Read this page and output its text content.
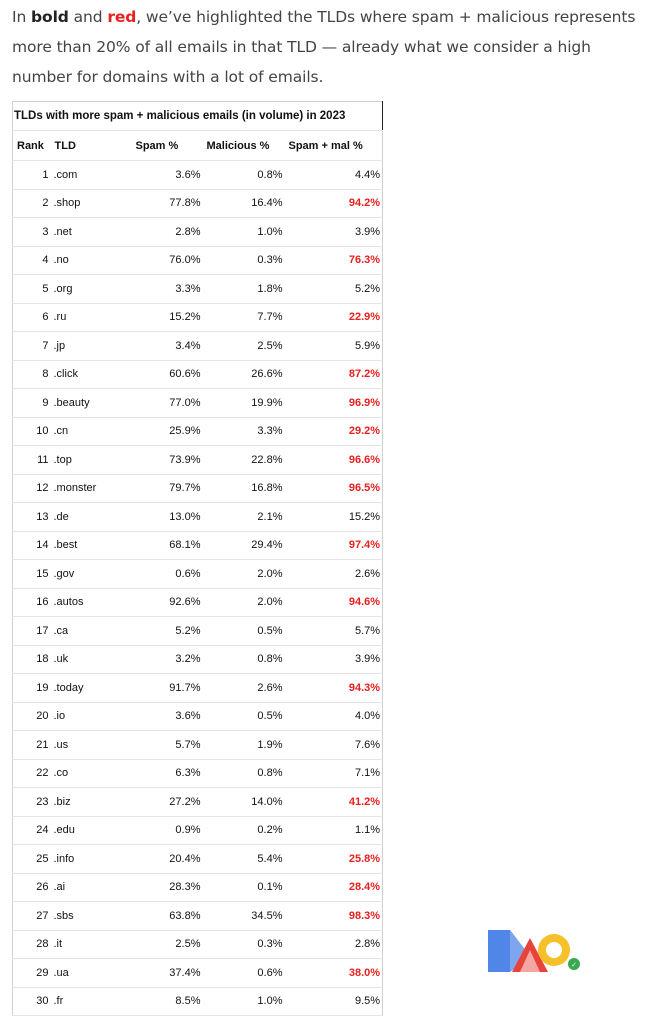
In bold and red, we’ve highlighted the TLDs where spam + malicious represents more than 20% of all emails in that TLD — already what we consider a high number for domains with a lot of emails.

TLDs with more spam + malicious emails (in volume) in 2023				
Rank	TLD	Spam %	Malicious %	Spam + mal %
1	.com	3.6%	0.8%	4.4%
2	.shop	77.8%	16.4%	94.2%
3	.net	2.8%	1.0%	3.9%
4	.no	76.0%	0.3%	76.3%
5	.org	3.3%	1.8%	5.2%
6	.ru	15.2%	7.7%	22.9%
7	.jp	3.4%	2.5%	5.9%
8	.click	60.6%	26.6%	87.2%
9	.beauty	77.0%	19.9%	96.9%
10	.cn	25.9%	3.3%	29.2%
11	.top	73.9%	22.8%	96.6%
12	.monster	79.7%	16.8%	96.5%
13	.de	13.0%	2.1%	15.2%
14	.best	68.1%	29.4%	97.4%
15	.gov	0.6%	2.0%	2.6%
16	.autos	92.6%	2.0%	94.6%
17	.ca	5.2%	0.5%	5.7%
18	.uk	3.2%	0.8%	3.9%
19	.today	91.7%	2.6%	94.3%
20	.io	3.6%	0.5%	4.0%
21	.us	5.7%	1.9%	7.6%
22	.co	6.3%	0.8%	7.1%
23	.biz	27.2%	14.0%	41.2%
24	.edu	0.9%	0.2%	1.1%
25	.info	20.4%	5.4%	25.8%
26	.ai	28.3%	0.1%	28.4%
27	.sbs	63.8%	34.5%	98.3%
28	.it	2.5%	0.3%	2.8%
29	.ua	37.4%	0.6%	38.0%
30	.fr	8.5%	1.0%	9.5%
✓
